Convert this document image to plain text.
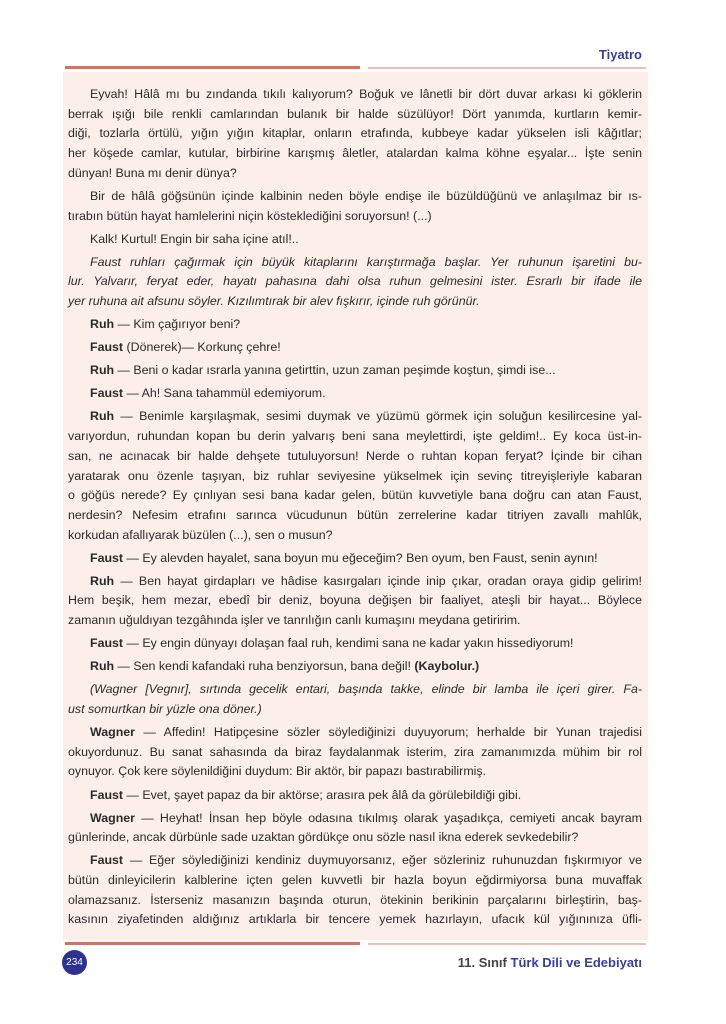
Tiyatro
Eyvah! Hâlâ mı bu zındanda tıkılı kalıyorum? Boğuk ve lânetli bir dört duvar arkası ki göklerin
berrak ışığı bile renkli camlarından bulanık bir halde süzülüyor! Dört yanımda, kurtların kemir-
diği, tozlarla örtülü, yığın yığın kitaplar, onların etrafında, kubbeye kadar yükselen isli kâğıtlar;
her köşede camlar, kutular, birbirine karışmış âletler, atalardan kalma köhne eşyalar... İşte senin
dünyan! Buna mı denir dünya?
Bir de hâlâ göğsünün içinde kalbinin neden böyle endişe ile büzüldüğünü ve anlaşılmaz bir ıs-
tırabın bütün hayat hamlelerini niçin kösteklediğini soruyorsun! (...)
Kalk! Kurtul! Engin bir saha içine atıl!..
Faust ruhları çağırmak için büyük kitaplarını karıştırmağa başlar. Yer ruhunun işaretini bu-
lur. Yalvarır, feryat eder, hayatı pahasına dahi olsa ruhun gelmesini ister. Esrarlı bir ifade ile
yer ruhuna ait afsunu söyler. Kızılımtırak bir alev fışkırır, içinde ruh görünür.
Ruh — Kim çağırıyor beni?
Faust (Dönerek)— Korkunç çehre!
Ruh — Beni o kadar ısrarla yanına getirttin, uzun zaman peşimde koştun, şimdi ise...
Faust — Ah! Sana tahammül edemiyorum.
Ruh — Benimle karşılaşmak, sesimi duymak ve yüzümü görmek için soluğun kesilircesine yal-
varıyordun, ruhundan kopan bu derin yalvarış beni sana meylettirdi, işte geldim!.. Ey koca üst-in-
san, ne acınacak bir halde dehşete tutuluyorsun! Nerde o ruhtan kopan feryat? İçinde bir cihan
yaratarak onu özenle taşıyan, biz ruhlar seviyesine yükselmek için sevinç titreyişleriyle kabaran
o göğüs nerede? Ey çınlıyan sesi bana kadar gelen, bütün kuvvetiyle bana doğru can atan Faust,
nerdesin? Nefesim etrafını sarınca vücudunun bütün zerrelerine kadar titriyen zavallı mahlûk,
korkudan afallıyarak büzülen (...), sen o musun?
Faust — Ey alevden hayalet, sana boyun mu eğeceğim? Ben oyum, ben Faust, senin aynın!
Ruh — Ben hayat girdapları ve hâdise kasırgaları içinde inip çıkar, oradan oraya gidip gelirim!
Hem beşik, hem mezar, ebedî bir deniz, boyuna değişen bir faaliyet, ateşli bir hayat... Böylece
zamanın uğuldıyan tezgâhında işler ve tanrılığın canlı kumaşını meydana getiririm.
Faust — Ey engin dünyayı dolaşan faal ruh, kendimi sana ne kadar yakın hissediyorum!
Ruh — Sen kendi kafandaki ruha benziyorsun, bana değil! (Kaybolur.)
(Wagner [Vegnır], sırtında gecelik entari, başında takke, elinde bir lamba ile içeri girer. Fa-
ust somurtkan bir yüzle ona döner.)
Wagner — Affedin! Hatipçesine sözler söylediğinizi duyuyorum; herhalde bir Yunan trajedisi
okuyordunuz. Bu sanat sahasında da biraz faydalanmak isterim, zira zamanımızda mühim bir rol
oynuyor. Çok kere söylenildiğini duydum: Bir aktör, bir papazı bastırabilirmiş.
Faust — Evet, şayet papaz da bir aktörse; arasıra pek âlâ da görülebildiği gibi.
Wagner — Heyhat! İnsan hep böyle odasına tıkılmış olarak yaşadıkça, cemiyeti ancak bayram
günlerinde, ancak dürbünle sade uzaktan gördükçe onu sözle nasıl ikna ederek sevkedebilir?
Faust — Eğer söylediğinizi kendiniz duymuyorsanız, eğer sözleriniz ruhunuzdan fışkırmıyor ve
bütün dinleyicilerin kalblerine içten gelen kuvvetli bir hazla boyun eğdirmiyorsa buna muvaffak
olamazsanız. İsterseniz masanızın başında oturun, ötekinin berikinin parçalarını birleştirin, baş-
kasının ziyafetinden aldığınız artıklarla bir tencere yemek hazırlayın, ufacık kül yığınınıza üfli-
234	11. Sınıf Türk Dili ve Edebiyatı
